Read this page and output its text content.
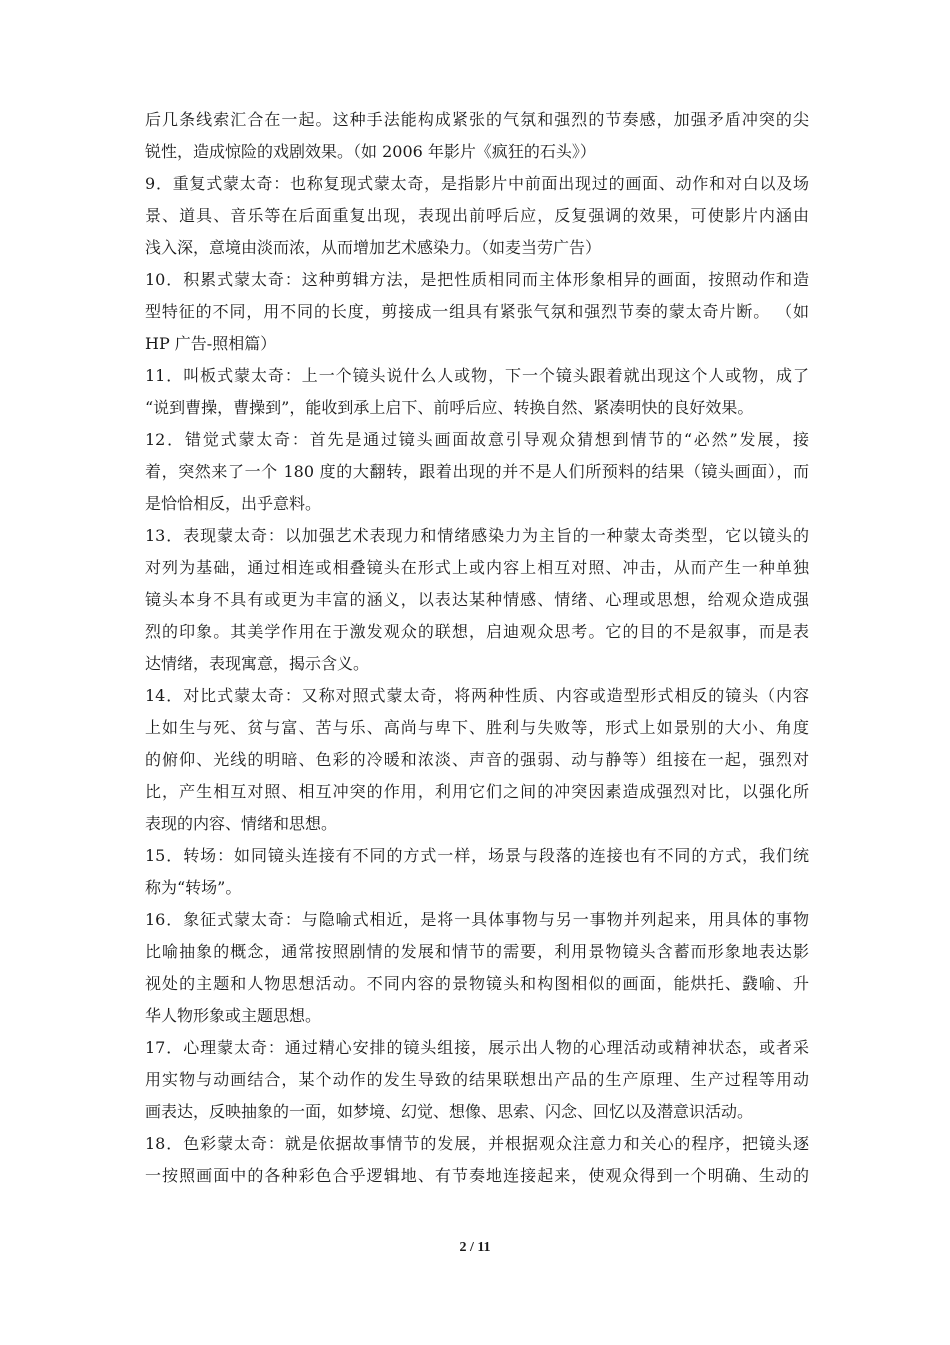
后几条线索汇合在一起。这种手法能构成紧张的气氛和强烈的节奏感，加强矛盾冲突的尖
锐性，造成惊险的戏剧效果。（如 2006 年影片《疯狂的石头》）
9．重复式蒙太奇：也称复现式蒙太奇，是指影片中前面出现过的画面、动作和对白以及场
景、道具、音乐等在后面重复出现，表现出前呼后应，反复强调的效果，可使影片内涵由
浅入深，意境由淡而浓，从而增加艺术感染力。（如麦当劳广告）
10．积累式蒙太奇：这种剪辑方法，是把性质相同而主体形象相异的画面，按照动作和造
型特征的不同，用不同的长度，剪接成一组具有紧张气氛和强烈节奏的蒙太奇片断。 （如
HP 广告-照相篇）
11．叫板式蒙太奇：上一个镜头说什么人或物，下一个镜头跟着就出现这个人或物，成了
“说到曹操，曹操到”，能收到承上启下、前呼后应、转换自然、紧凑明快的良好效果。
12．错觉式蒙太奇：首先是通过镜头画面故意引导观众猜想到情节的“必然”发展，接
着，突然来了一个 180 度的大翻转，跟着出现的并不是人们所预料的结果（镜头画面），而
是恰恰相反，出乎意料。
13．表现蒙太奇：以加强艺术表现力和情绪感染力为主旨的一种蒙太奇类型，它以镜头的
对列为基础，通过相连或相叠镜头在形式上或内容上相互对照、冲击，从而产生一种单独
镜头本身不具有或更为丰富的涵义，以表达某种情感、情绪、心理或思想，给观众造成强
烈的印象。其美学作用在于激发观众的联想，启迪观众思考。它的目的不是叙事，而是表
达情绪，表现寓意，揭示含义。
14．对比式蒙太奇：又称对照式蒙太奇，将两种性质、内容或造型形式相反的镜头（内容
上如生与死、贫与富、苦与乐、高尚与卑下、胜利与失败等，形式上如景别的大小、角度
的俯仰、光线的明暗、色彩的冷暖和浓淡、声音的强弱、动与静等）组接在一起，强烈对
比，产生相互对照、相互冲突的作用，利用它们之间的冲突因素造成强烈对比，以强化所
表现的内容、情绪和思想。
15．转场：如同镜头连接有不同的方式一样，场景与段落的连接也有不同的方式，我们统
称为“转场”。
16．象征式蒙太奇：与隐喻式相近，是将一具体事物与另一事物并列起来，用具体的事物
比喻抽象的概念，通常按照剧情的发展和情节的需要，利用景物镜头含蓄而形象地表达影
视处的主题和人物思想活动。不同内容的景物镜头和构图相似的画面，能烘托、鼗喻、升
华人物形象或主题思想。
17．心理蒙太奇：通过精心安排的镜头组接，展示出人物的心理活动或精神状态，或者采
用实物与动画结合，某个动作的发生导致的结果联想出产品的生产原理、生产过程等用动
画表达，反映抽象的一面，如梦境、幻觉、想像、思索、闪念、回忆以及潜意识活动。
18．色彩蒙太奇：就是依据故事情节的发展，并根据观众注意力和关心的程序，把镜头逐
一按照画面中的各种彩色合乎逻辑地、有节奏地连接起来，使观众得到一个明确、生动的
2 / 11
